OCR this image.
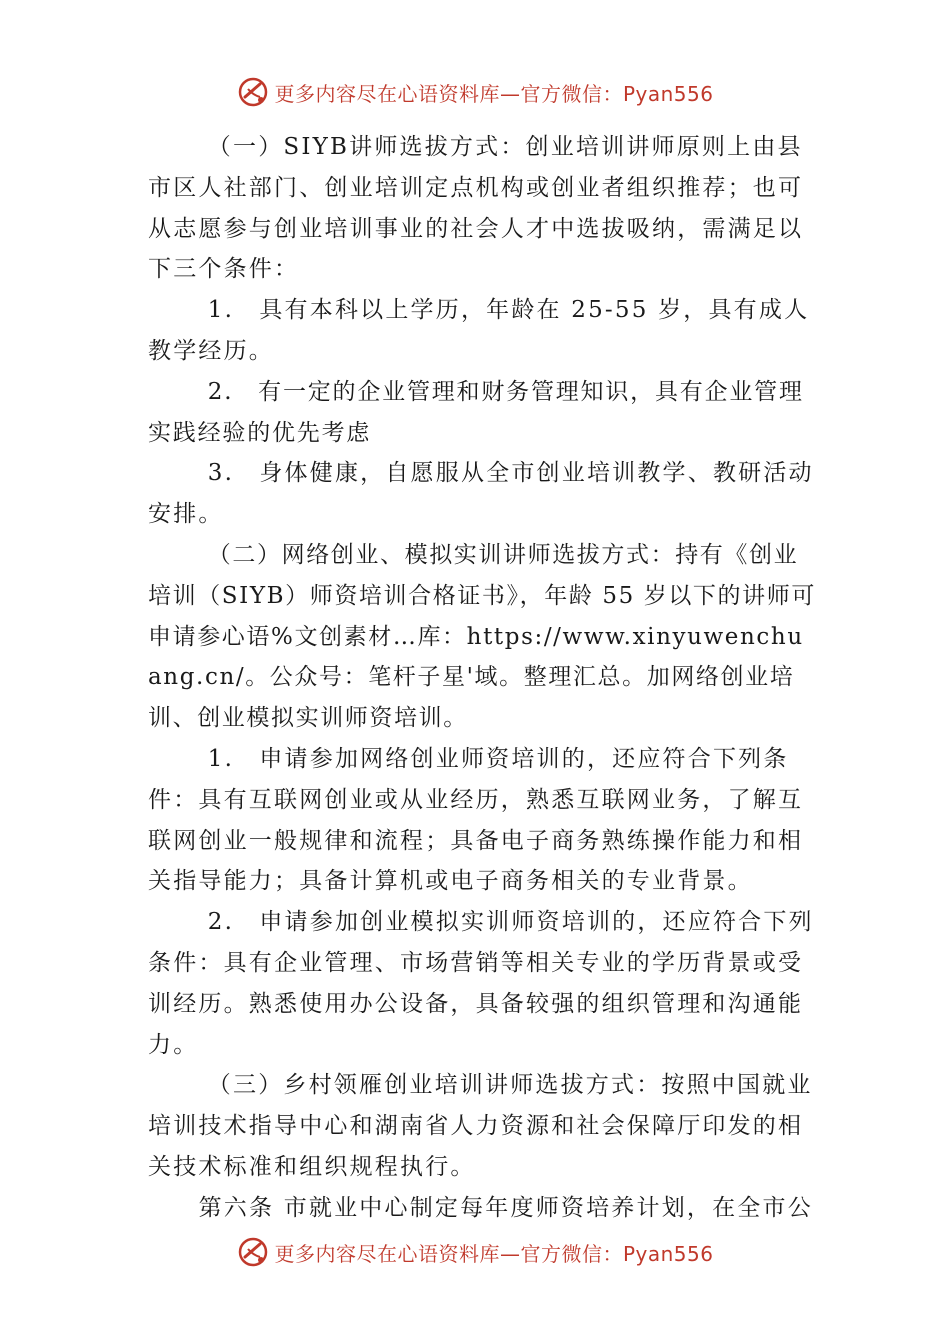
更多内容尽在心语资料库—官方微信：Pyan556

（一）SIYB讲师选拔方式：创业培训讲师原则上由县市区人社部门、创业培训定点机构或创业者组织推荐；也可从志愿参与创业培训事业的社会人才中选拔吸纳，需满足以下三个条件：

1.　具有本科以上学历，年龄在 25-55 岁，具有成人教学经历。

2.　有一定的企业管理和财务管理知识，具有企业管理实践经验的优先考虑

3.　身体健康，自愿服从全市创业培训教学、教研活动安排。

（二）网络创业、模拟实训讲师选拔方式：持有《创业培训（SIYB）师资培训合格证书》，年龄 55 岁以下的讲师可申请参心语%文创素材…库：https://www.xinyuwenchuang.cn/。公众号：笔杆子星'域。整理汇总。加网络创业培训、创业模拟实训师资培训。

1.　申请参加网络创业师资培训的，还应符合下列条件：具有互联网创业或从业经历，熟悉互联网业务，了解互联网创业一般规律和流程；具备电子商务熟练操作能力和相关指导能力；具备计算机或电子商务相关的专业背景。

2.　申请参加创业模拟实训师资培训的，还应符合下列条件：具有企业管理、市场营销等相关专业的学历背景或受训经历。熟悉使用办公设备，具备较强的组织管理和沟通能力。

（三）乡村领雁创业培训讲师选拔方式：按照中国就业培训技术指导中心和湖南省人力资源和社会保障厅印发的相关技术标准和组织规程执行。

第六条 市就业中心制定每年度师资培养计划，在全市公

更多内容尽在心语资料库—官方微信：Pyan556
